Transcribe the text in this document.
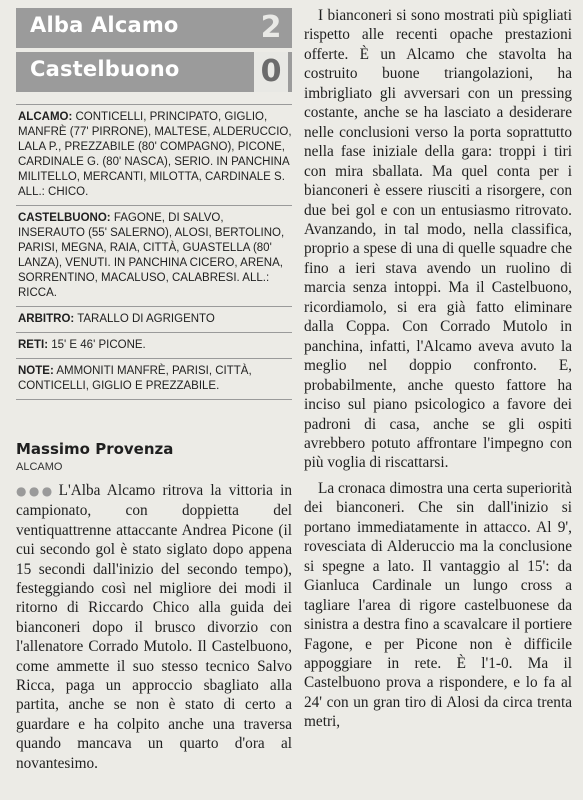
Alba Alcamo	2
Castelbuono	0
ALCAMO: CONTICELLI, PRINCIPATO, GIGLIO, MANFRÈ (77' PIRRONE), MALTESE, ALDERUCCIO, LALA P., PREZZABILE (80' COMPAGNO), PICONE, CARDINALE G. (80' NASCA), SERIO. IN PANCHINA MILITELLO, MERCANTI, MILOTTA, CARDINALE S. ALL.: CHICO.
CASTELBUONO: FAGONE, DI SALVO, INSERAUTO (55' SALERNO), ALOSI, BERTOLINO, PARISI, MEGNA, RAIA, CITTÀ, GUASTELLA (80' LANZA), VENUTI. IN PANCHINA CICERO, ARENA, SORRENTINO, MACALUSO, CALABRESI. ALL.: RICCA.
ARBITRO: TARALLO DI AGRIGENTO
RETI: 15' E 46' PICONE.
NOTE: AMMONITI MANFRÈ, PARISI, CITTÀ, CONTICELLI, GIGLIO E PREZZABILE.

Massimo Provenza

ALCAMO

●●● L'Alba Alcamo ritrova la vittoria in campionato, con doppietta del ventiquattrenne attaccante Andrea Picone (il cui secondo gol è stato siglato dopo appena 15 secondi dall'inizio del secondo tempo), festeggiando così nel migliore dei modi il ritorno di Riccardo Chico alla guida dei bianconeri dopo il brusco divorzio con l'allenatore Corrado Mutolo. Il Castelbuono, come ammette il suo stesso tecnico Salvo Ricca, paga un approccio sbagliato alla partita, anche se non è stato di certo a guardare e ha colpito anche una traversa quando mancava un quarto d'ora al novantesimo.

I bianconeri si sono mostrati più spigliati rispetto alle recenti opache prestazioni offerte. È un Alcamo che stavolta ha costruito buone triangolazioni, ha imbrigliato gli avversari con un pressing costante, anche se ha lasciato a desiderare nelle conclusioni verso la porta soprattutto nella fase iniziale della gara: troppi i tiri con mira sballata. Ma quel conta per i bianconeri è essere riusciti a risorgere, con due bei gol e con un entusiasmo ritrovato. Avanzando, in tal modo, nella classifica, proprio a spese di una di quelle squadre che fino a ieri stava avendo un ruolino di marcia senza intoppi. Ma il Castelbuono, ricordiamolo, si era già fatto eliminare dalla Coppa. Con Corrado Mutolo in panchina, infatti, l'Alcamo aveva avuto la meglio nel doppio confronto. E, probabilmente, anche questo fattore ha inciso sul piano psicologico a favore dei padroni di casa, anche se gli ospiti avrebbero potuto affrontare l'impegno con più voglia di riscattarsi.

La cronaca dimostra una certa superiorità dei bianconeri. Che sin dall'inizio si portano immediatamente in attacco. Al 9', rovesciata di Alderuccio ma la conclusione si spegne a lato. Il vantaggio al 15': da Gianluca Cardinale un lungo cross a tagliare l'area di rigore castelbuonese da sinistra a destra fino a scavalcare il portiere Fagone, e per Picone non è difficile appoggiare in rete. È l'1-0. Ma il Castelbuono prova a rispondere, e lo fa al 24' con un gran tiro di Alosi da circa trenta metri,
